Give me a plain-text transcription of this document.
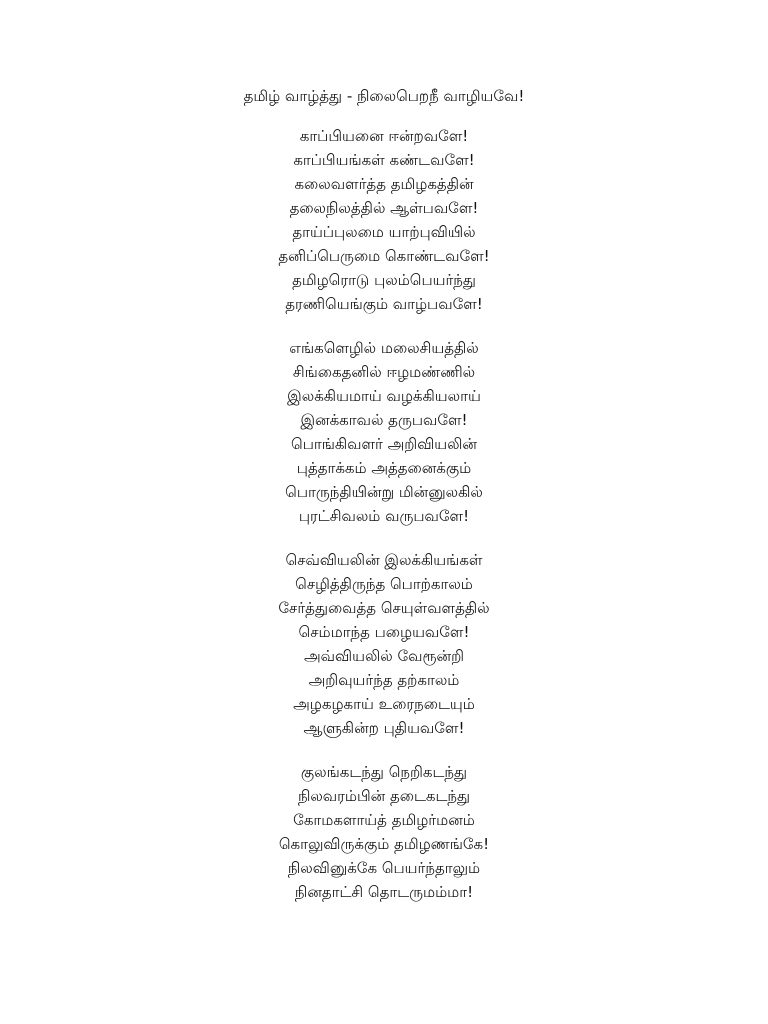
தமிழ் வாழ்த்து - நிலைபெறநீ வாழியவே!
காப்பியனை ஈன்றவளே!
காப்பியங்கள் கண்டவளே!
கலைவளர்த்த தமிழகத்தின்
தலைநிலத்தில் ஆள்பவளே!
தாய்ப்புலமை யாற்புவியில்
தனிப்பெருமை கொண்டவளே!
தமிழரொடு புலம்பெயர்ந்து
தரணியெங்கும் வாழ்பவளே!
எங்களெழில் மலைசியத்தில்
சிங்கைதனில் ஈழமண்ணில்
இலக்கியமாய் வழக்கியலாய்
இனக்காவல் தருபவளே!
பொங்கிவளர் அறிவியலின்
புத்தாக்கம் அத்தனைக்கும்
பொருந்தியின்று மின்னுலகில்
புரட்சிவலம் வருபவளே!
செவ்வியலின் இலக்கியங்கள்
செழித்திருந்த பொற்காலம்
சேர்த்துவைத்த செயுள்வளத்தில்
செம்மாந்த பழையவளே!
அவ்வியலில் வேரூன்றி
அறிவுயர்ந்த தற்காலம்
அழகழகாய் உரைநடையும்
ஆளுகின்ற புதியவளே!
குலங்கடந்து நெறிகடந்து
நிலவரம்பின் தடைகடந்து
கோமகளாய்த் தமிழர்மனம்
கொலுவிருக்கும் தமிழணங்கே!
நிலவினுக்கே பெயர்ந்தாலும்
நினதாட்சி தொடருமம்மா!
